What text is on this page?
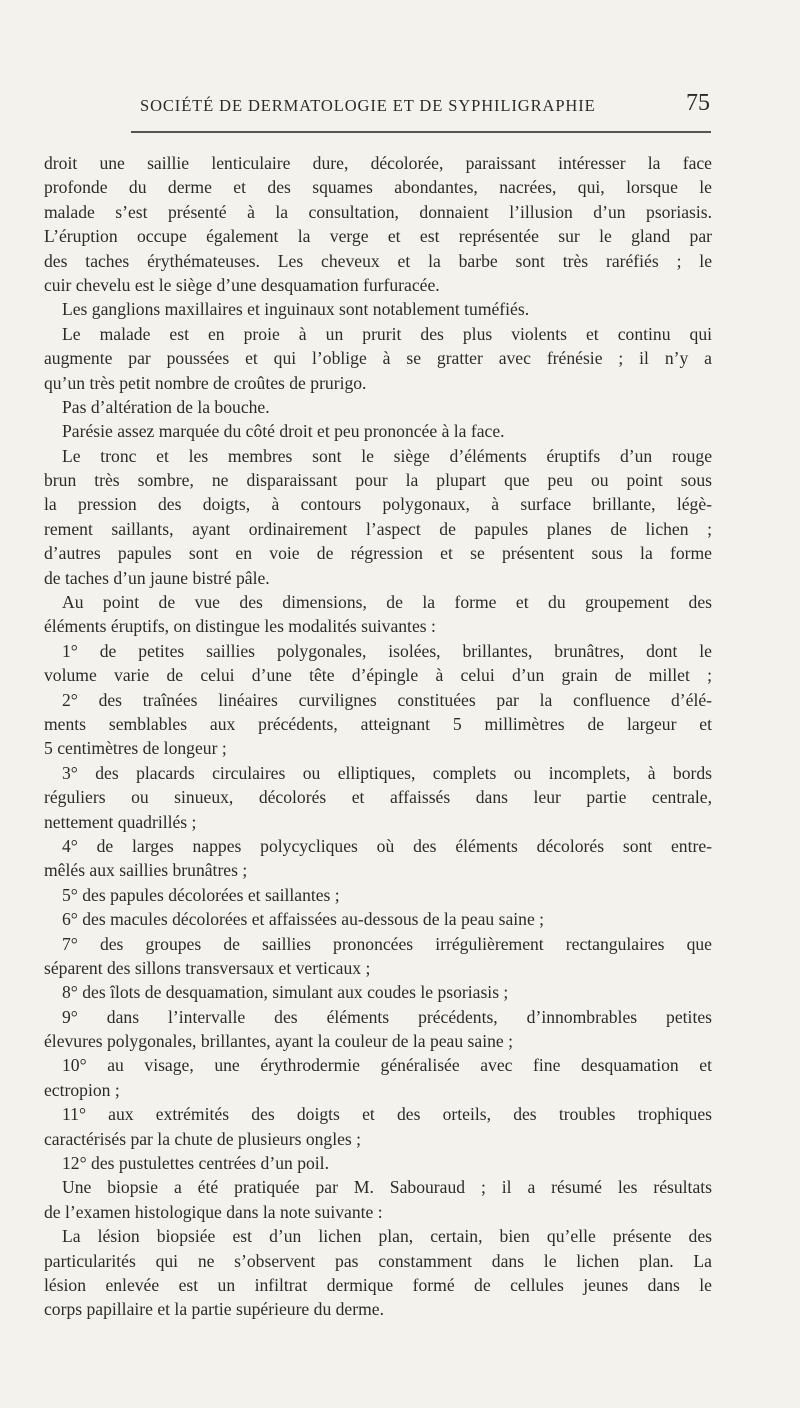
SOCIÉTÉ DE DERMATOLOGIE ET DE SYPHILIGRAPHIE	75
droit une saillie lenticulaire dure, décolorée, paraissant intéresser la face
profonde du derme et des squames abondantes, nacrées, qui, lorsque le
malade s’est présenté à la consultation, donnaient l’illusion d’un psoriasis.
L’éruption occupe également la verge et est représentée sur le gland par
des taches érythémateuses. Les cheveux et la barbe sont très raréfiés ; le
cuir chevelu est le siège d’une desquamation furfuracée.
Les ganglions maxillaires et inguinaux sont notablement tuméfiés.
Le malade est en proie à un prurit des plus violents et continu qui
augmente par poussées et qui l’oblige à se gratter avec frénésie ; il n’y a
qu’un très petit nombre de croûtes de prurigo.
Pas d’altération de la bouche.
Parésie assez marquée du côté droit et peu prononcée à la face.
Le tronc et les membres sont le siège d’éléments éruptifs d’un rouge
brun très sombre, ne disparaissant pour la plupart que peu ou point sous
la pression des doigts, à contours polygonaux, à surface brillante, légè-
rement saillants, ayant ordinairement l’aspect de papules planes de lichen ;
d’autres papules sont en voie de régression et se présentent sous la forme
de taches d’un jaune bistré pâle.
Au point de vue des dimensions, de la forme et du groupement des
éléments éruptifs, on distingue les modalités suivantes :
1° de petites saillies polygonales, isolées, brillantes, brunâtres, dont le
volume varie de celui d’une tête d’épingle à celui d’un grain de millet ;
2° des traînées linéaires curvilignes constituées par la confluence d’élé-
ments semblables aux précédents, atteignant 5 millimètres de largeur et
5 centimètres de longeur ;
3° des placards circulaires ou elliptiques, complets ou incomplets, à bords
réguliers ou sinueux, décolorés et affaissés dans leur partie centrale,
nettement quadrillés ;
4° de larges nappes polycycliques où des éléments décolorés sont entre-
mêlés aux saillies brunâtres ;
5° des papules décolorées et saillantes ;
6° des macules décolorées et affaissées au-dessous de la peau saine ;
7° des groupes de saillies prononcées irrégulièrement rectangulaires que
séparent des sillons transversaux et verticaux ;
8° des îlots de desquamation, simulant aux coudes le psoriasis ;
9° dans l’intervalle des éléments précédents, d’innombrables petites
élevures polygonales, brillantes, ayant la couleur de la peau saine ;
10° au visage, une érythrodermie généralisée avec fine desquamation et
ectropion ;
11° aux extrémités des doigts et des orteils, des troubles trophiques
caractérisés par la chute de plusieurs ongles ;
12° des pustulettes centrées d’un poil.
Une biopsie a été pratiquée par M. Sabouraud ; il a résumé les résultats
de l’examen histologique dans la note suivante :
La lésion biopsiée est d’un lichen plan, certain, bien qu’elle présente des
particularités qui ne s’observent pas constamment dans le lichen plan. La
lésion enlevée est un infiltrat dermique formé de cellules jeunes dans le
corps papillaire et la partie supérieure du derme.
